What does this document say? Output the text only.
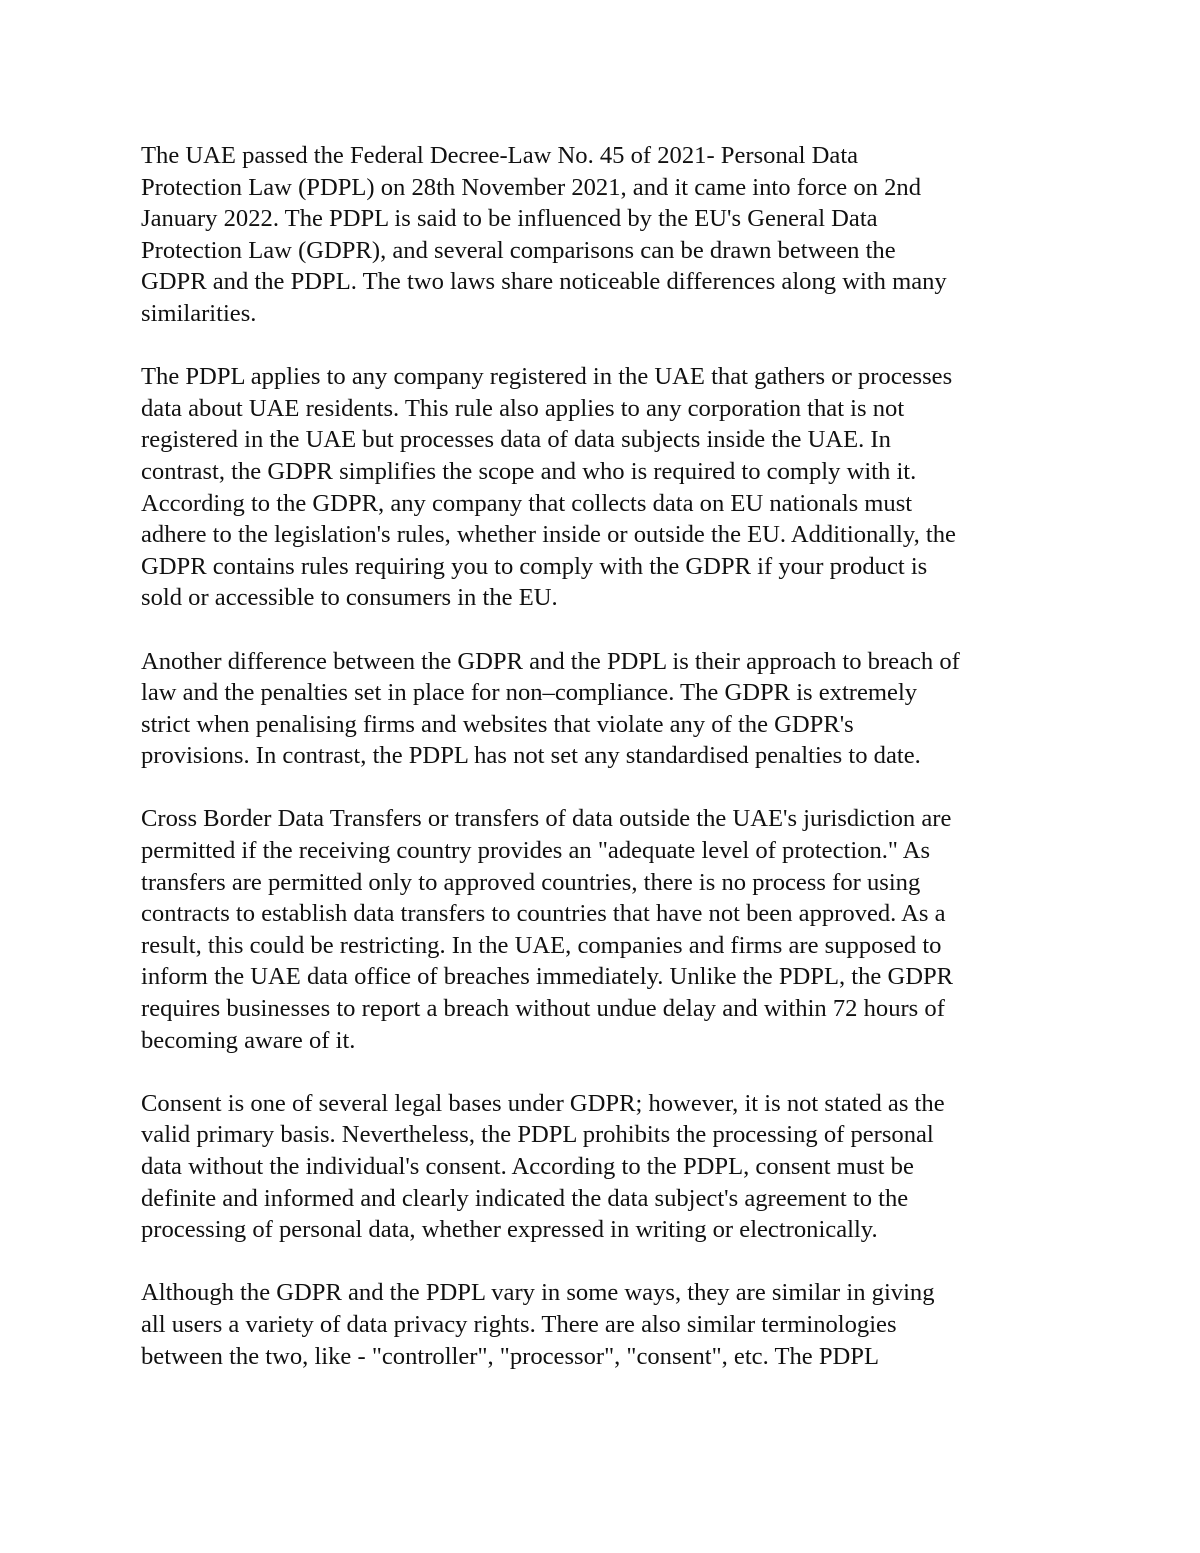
The UAE passed the Federal Decree-Law No. 45 of 2021- Personal Data
Protection Law (PDPL) on 28th November 2021, and it came into force on 2nd
January 2022. The PDPL is said to be influenced by the EU's General Data
Protection Law (GDPR), and several comparisons can be drawn between the
GDPR and the PDPL. The two laws share noticeable differences along with many
similarities.

The PDPL applies to any company registered in the UAE that gathers or processes
data about UAE residents. This rule also applies to any corporation that is not
registered in the UAE but processes data of data subjects inside the UAE. In
contrast, the GDPR simplifies the scope and who is required to comply with it.
According to the GDPR, any company that collects data on EU nationals must
adhere to the legislation's rules, whether inside or outside the EU. Additionally, the
GDPR contains rules requiring you to comply with the GDPR if your product is
sold or accessible to consumers in the EU.

Another difference between the GDPR and the PDPL is their approach to breach of
law and the penalties set in place for non–compliance. The GDPR is extremely
strict when penalising firms and websites that violate any of the GDPR's
provisions. In contrast, the PDPL has not set any standardised penalties to date.

Cross Border Data Transfers or transfers of data outside the UAE's jurisdiction are
permitted if the receiving country provides an "adequate level of protection." As
transfers are permitted only to approved countries, there is no process for using
contracts to establish data transfers to countries that have not been approved. As a
result, this could be restricting. In the UAE, companies and firms are supposed to
inform the UAE data office of breaches immediately. Unlike the PDPL, the GDPR
requires businesses to report a breach without undue delay and within 72 hours of
becoming aware of it.

Consent is one of several legal bases under GDPR; however, it is not stated as the
valid primary basis. Nevertheless, the PDPL prohibits the processing of personal
data without the individual's consent. According to the PDPL, consent must be
definite and informed and clearly indicated the data subject's agreement to the
processing of personal data, whether expressed in writing or electronically.

Although the GDPR and the PDPL vary in some ways, they are similar in giving
all users a variety of data privacy rights. There are also similar terminologies
between the two, like - "controller", "processor", "consent", etc. The PDPL
